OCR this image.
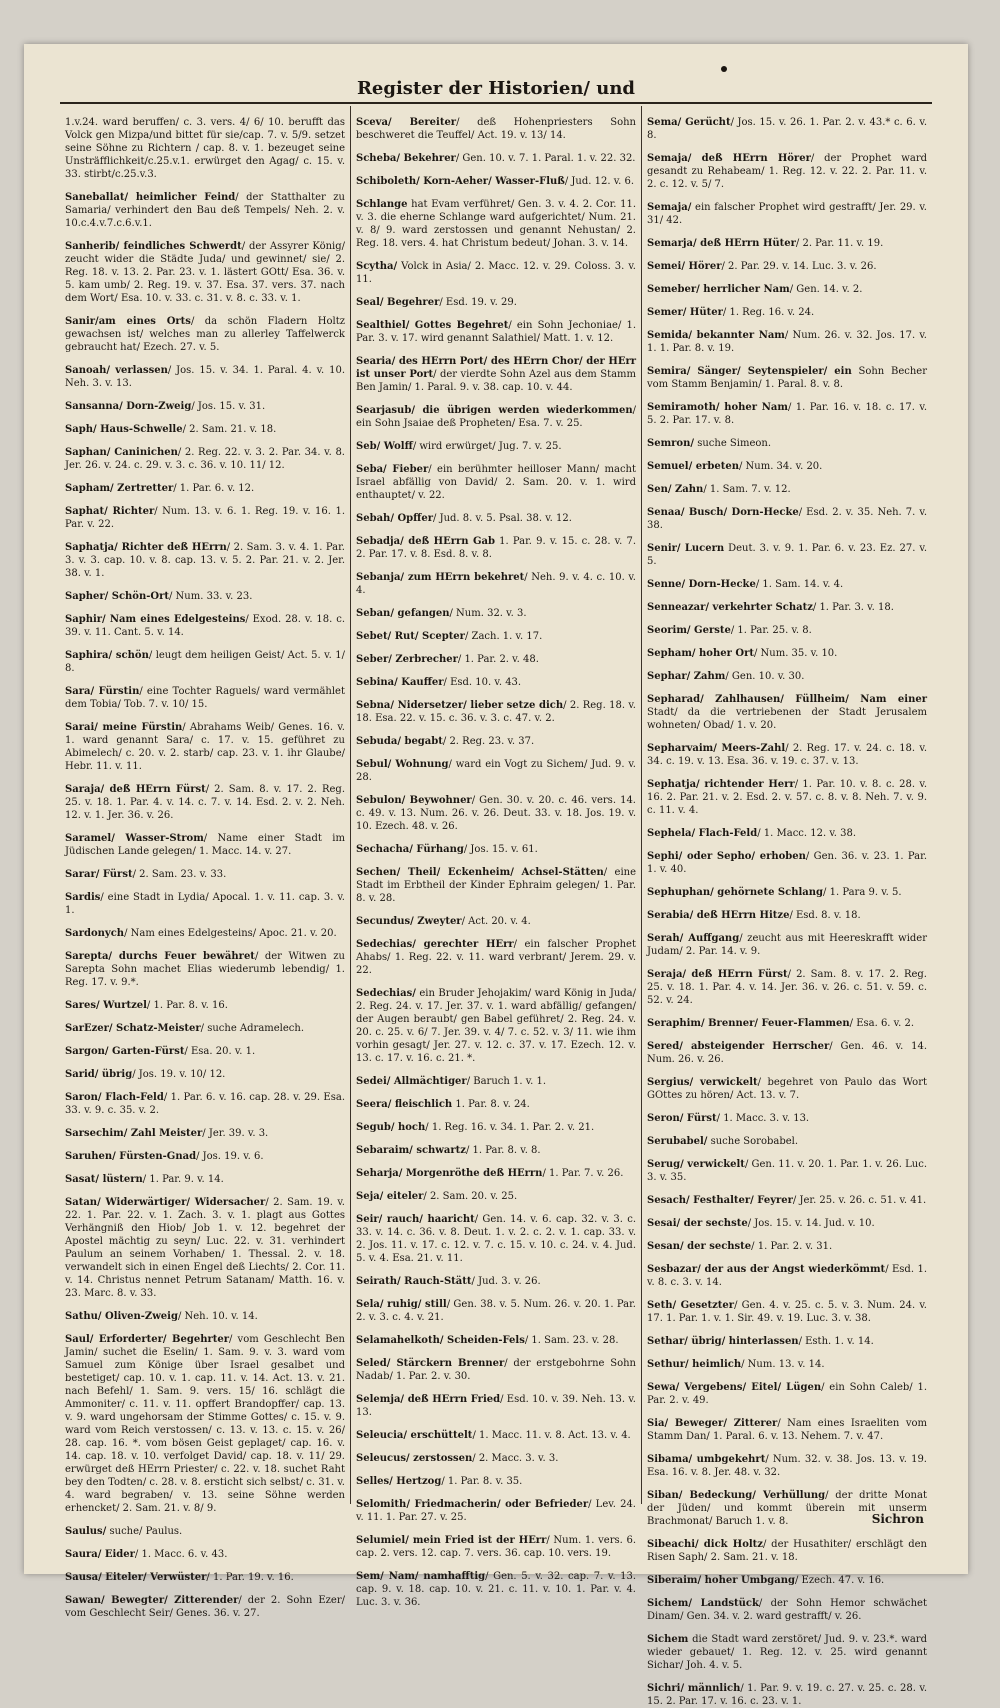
Register der Historien/ und

1.v.24. ward beruffen/ c. 3. vers. 4/ 6/ 10. berufft das Volck gen Mizpa/und bittet für sie/cap. 7. v. 5/9. setzet seine Söhne zu Richtern / cap. 8. v. 1. bezeuget seine Unsträfflichkeit/c.25.v.1. erwürget den Agag/ c. 15. v. 33. stirbt/c.25.v.3.

Saneballat/ heimlicher Feind/ der Statthalter zu Samaria/ verhindert den Bau deß Tempels/ Neh. 2. v. 10.c.4.v.7.c.6.v.1.

Sanherib/ feindliches Schwerdt/ der Assyrer König/ zeucht wider die Städte Juda/ und gewinnet/ sie/ 2. Reg. 18. v. 13. 2. Par. 23. v. 1. lästert GOtt/ Esa. 36. v. 5. kam umb/ 2. Reg. 19. v. 37. Esa. 37. vers. 37. nach dem Wort/ Esa. 10. v. 33. c. 31. v. 8. c. 33. v. 1.

Sanir/am eines Orts/ da schön Fladern Holtz gewachsen ist/ welches man zu allerley Taffelwerck gebraucht hat/ Ezech. 27. v. 5.

Sanoah/ verlassen/ Jos. 15. v. 34. 1. Paral. 4. v. 10. Neh. 3. v. 13.

Sansanna/ Dorn-Zweig/ Jos. 15. v. 31.

Saph/ Haus-Schwelle/ 2. Sam. 21. v. 18.

Saphan/ Caninichen/ 2. Reg. 22. v. 3. 2. Par. 34. v. 8. Jer. 26. v. 24. c. 29. v. 3. c. 36. v. 10. 11/ 12.

Sapham/ Zertretter/ 1. Par. 6. v. 12.

Saphat/ Richter/ Num. 13. v. 6. 1. Reg. 19. v. 16. 1. Par. v. 22.

Saphatja/ Richter deß HErrn/ 2. Sam. 3. v. 4. 1. Par. 3. v. 3. cap. 10. v. 8. cap. 13. v. 5. 2. Par. 21. v. 2. Jer. 38. v. 1.

Sapher/ Schön-Ort/ Num. 33. v. 23.

Saphir/ Nam eines Edelgesteins/ Exod. 28. v. 18. c. 39. v. 11. Cant. 5. v. 14.

Saphira/ schön/ leugt dem heiligen Geist/ Act. 5. v. 1/ 8.

Sara/ Fürstin/ eine Tochter Raguels/ ward vermählet dem Tobia/ Tob. 7. v. 10/ 15.

Sarai/ meine Fürstin/ Abrahams Weib/ Genes. 16. v. 1. ward genannt Sara/ c. 17. v. 15. geführet zu Abimelech/ c. 20. v. 2. starb/ cap. 23. v. 1. ihr Glaube/ Hebr. 11. v. 11.

Saraja/ deß HErrn Fürst/ 2. Sam. 8. v. 17. 2. Reg. 25. v. 18. 1. Par. 4. v. 14. c. 7. v. 14. Esd. 2. v. 2. Neh. 12. v. 1. Jer. 36. v. 26.

Saramel/ Wasser-Strom/ Name einer Stadt im Jüdischen Lande gelegen/ 1. Macc. 14. v. 27.

Sarar/ Fürst/ 2. Sam. 23. v. 33.

Sardis/ eine Stadt in Lydia/ Apocal. 1. v. 11. cap. 3. v. 1.

Sardonych/ Nam eines Edelgesteins/ Apoc. 21. v. 20.

Sarepta/ durchs Feuer bewähret/ der Witwen zu Sarepta Sohn machet Elias wiederumb lebendig/ 1. Reg. 17. v. 9.*.

Sares/ Wurtzel/ 1. Par. 8. v. 16.

SarEzer/ Schatz-Meister/ suche Adramelech.

Sargon/ Garten-Fürst/ Esa. 20. v. 1.

Sarid/ übrig/ Jos. 19. v. 10/ 12.

Saron/ Flach-Feld/ 1. Par. 6. v. 16. cap. 28. v. 29. Esa. 33. v. 9. c. 35. v. 2.

Sarsechim/ Zahl Meister/ Jer. 39. v. 3.

Saruhen/ Fürsten-Gnad/ Jos. 19. v. 6.

Sasat/ lüstern/ 1. Par. 9. v. 14.

Satan/ Widerwärtiger/ Widersacher/ 2. Sam. 19. v. 22. 1. Par. 22. v. 1. Zach. 3. v. 1. plagt aus Gottes Verhängniß den Hiob/ Job 1. v. 12. begehret der Apostel mächtig zu seyn/ Luc. 22. v. 31. verhindert Paulum an seinem Vorhaben/ 1. Thessal. 2. v. 18. verwandelt sich in einen Engel deß Liechts/ 2. Cor. 11. v. 14. Christus nennet Petrum Satanam/ Matth. 16. v. 23. Marc. 8. v. 33.

Sathu/ Oliven-Zweig/ Neh. 10. v. 14.

Saul/ Erforderter/ Begehrter/ vom Geschlecht Ben Jamin/ suchet die Eselin/ 1. Sam. 9. v. 3. ward vom Samuel zum Könige über Israel gesalbet und bestetiget/ cap. 10. v. 1. cap. 11. v. 14. Act. 13. v. 21. nach Befehl/ 1. Sam. 9. vers. 15/ 16. schlägt die Ammoniter/ c. 11. v. 11. opffert Brandopffer/ cap. 13. v. 9. ward ungehorsam der Stimme Gottes/ c. 15. v. 9. ward vom Reich verstossen/ c. 13. v. 13. c. 15. v. 26/ 28. cap. 16. *. vom bösen Geist geplaget/ cap. 16. v. 14. cap. 18. v. 10. verfolget David/ cap. 18. v. 11/ 29. erwürget deß HErrn Priester/ c. 22. v. 18. suchet Raht bey den Todten/ c. 28. v. 8. ersticht sich selbst/ c. 31. v. 4. ward begraben/ v. 13. seine Söhne werden erhencket/ 2. Sam. 21. v. 8/ 9.

Saulus/ suche/ Paulus.

Saura/ Eider/ 1. Macc. 6. v. 43.

Sausa/ Eiteler/ Verwüster/ 1. Par. 19. v. 16.

Sawan/ Bewegter/ Zitterender/ der 2. Sohn Ezer/ vom Geschlecht Seir/ Genes. 36. v. 27.

Sceva/ Bereiter/ deß Hohenpriesters Sohn beschweret die Teuffel/ Act. 19. v. 13/ 14.

Scheba/ Bekehrer/ Gen. 10. v. 7. 1. Paral. 1. v. 22. 32.

Schiboleth/ Korn-Aeher/ Wasser-Fluß/ Jud. 12. v. 6.

Schlange hat Evam verführet/ Gen. 3. v. 4. 2. Cor. 11. v. 3. die eherne Schlange ward aufgerichtet/ Num. 21. v. 8/ 9. ward zerstossen und genannt Nehustan/ 2. Reg. 18. vers. 4. hat Christum bedeut/ Johan. 3. v. 14.

Scytha/ Volck in Asia/ 2. Macc. 12. v. 29. Coloss. 3. v. 11.

Seal/ Begehrer/ Esd. 19. v. 29.

Sealthiel/ Gottes Begehret/ ein Sohn Jechoniae/ 1. Par. 3. v. 17. wird genannt Salathiel/ Matt. 1. v. 12.

Searia/ des HErrn Port/ des HErrn Chor/ der HErr ist unser Port/ der vierdte Sohn Azel aus dem Stamm Ben Jamin/ 1. Paral. 9. v. 38. cap. 10. v. 44.

Searjasub/ die übrigen werden wiederkommen/ ein Sohn Jsaiae deß Propheten/ Esa. 7. v. 25.

Seb/ Wolff/ wird erwürget/ Jug. 7. v. 25.

Seba/ Fieber/ ein berühmter heilloser Mann/ macht Israel abfällig von David/ 2. Sam. 20. v. 1. wird enthauptet/ v. 22.

Sebah/ Opffer/ Jud. 8. v. 5. Psal. 38. v. 12.

Sebadja/ deß HErrn Gab 1. Par. 9. v. 15. c. 28. v. 7. 2. Par. 17. v. 8. Esd. 8. v. 8.

Sebanja/ zum HErrn bekehret/ Neh. 9. v. 4. c. 10. v. 4.

Seban/ gefangen/ Num. 32. v. 3.

Sebet/ Rut/ Scepter/ Zach. 1. v. 17.

Seber/ Zerbrecher/ 1. Par. 2. v. 48.

Sebina/ Kauffer/ Esd. 10. v. 43.

Sebna/ Nidersetzer/ lieber setze dich/ 2. Reg. 18. v. 18. Esa. 22. v. 15. c. 36. v. 3. c. 47. v. 2.

Sebuda/ begabt/ 2. Reg. 23. v. 37.

Sebul/ Wohnung/ ward ein Vogt zu Sichem/ Jud. 9. v. 28.

Sebulon/ Beywohner/ Gen. 30. v. 20. c. 46. vers. 14. c. 49. v. 13. Num. 26. v. 26. Deut. 33. v. 18. Jos. 19. v. 10. Ezech. 48. v. 26.

Sechacha/ Fürhang/ Jos. 15. v. 61.

Sechen/ Theil/ Eckenheim/ Achsel-Stätten/ eine Stadt im Erbtheil der Kinder Ephraim gelegen/ 1. Par. 8. v. 28.

Secundus/ Zweyter/ Act. 20. v. 4.

Sedechias/ gerechter HErr/ ein falscher Prophet Ahabs/ 1. Reg. 22. v. 11. ward verbrant/ Jerem. 29. v. 22.

Sedechias/ ein Bruder Jehojakim/ ward König in Juda/ 2. Reg. 24. v. 17. Jer. 37. v. 1. ward abfällig/ gefangen/ der Augen beraubt/ gen Babel geführet/ 2. Reg. 24. v. 20. c. 25. v. 6/ 7. Jer. 39. v. 4/ 7. c. 52. v. 3/ 11. wie ihm vorhin gesagt/ Jer. 27. v. 12. c. 37. v. 17. Ezech. 12. v. 13. c. 17. v. 16. c. 21. *.

Sedei/ Allmächtiger/ Baruch 1. v. 1.

Seera/ fleischlich 1. Par. 8. v. 24.

Segub/ hoch/ 1. Reg. 16. v. 34. 1. Par. 2. v. 21.

Sebaraim/ schwartz/ 1. Par. 8. v. 8.

Seharja/ Morgenröthe deß HErrn/ 1. Par. 7. v. 26.

Seja/ eiteler/ 2. Sam. 20. v. 25.

Seir/ rauch/ haaricht/ Gen. 14. v. 6. cap. 32. v. 3. c. 33. v. 14. c. 36. v. 8. Deut. 1. v. 2. c. 2. v. 1. cap. 33. v. 2. Jos. 11. v. 17. c. 12. v. 7. c. 15. v. 10. c. 24. v. 4. Jud. 5. v. 4. Esa. 21. v. 11.

Seirath/ Rauch-Stätt/ Jud. 3. v. 26.

Sela/ ruhig/ still/ Gen. 38. v. 5. Num. 26. v. 20. 1. Par. 2. v. 3. c. 4. v. 21.

Selamahelkoth/ Scheiden-Fels/ 1. Sam. 23. v. 28.

Seled/ Stärckern Brenner/ der erstgebohrne Sohn Nadab/ 1. Par. 2. v. 30.

Selemja/ deß HErrn Fried/ Esd. 10. v. 39. Neh. 13. v. 13.

Seleucia/ erschüttelt/ 1. Macc. 11. v. 8. Act. 13. v. 4.

Seleucus/ zerstossen/ 2. Macc. 3. v. 3.

Selles/ Hertzog/ 1. Par. 8. v. 35.

Selomith/ Friedmacherin/ oder Befrieder/ Lev. 24. v. 11. 1. Par. 27. v. 25.

Selumiel/ mein Fried ist der HErr/ Num. 1. vers. 6. cap. 2. vers. 12. cap. 7. vers. 36. cap. 10. vers. 19.

Sem/ Nam/ namhafftig/ Gen. 5. v. 32. cap. 7. v. 13. cap. 9. v. 18. cap. 10. v. 21. c. 11. v. 10. 1. Par. v. 4. Luc. 3. v. 36.

Sema/ Gerücht/ Jos. 15. v. 26. 1. Par. 2. v. 43.* c. 6. v. 8.

Semaja/ deß HErrn Hörer/ der Prophet ward gesandt zu Rehabeam/ 1. Reg. 12. v. 22. 2. Par. 11. v. 2. c. 12. v. 5/ 7.

Semaja/ ein falscher Prophet wird gestrafft/ Jer. 29. v. 31/ 42.

Semarja/ deß HErrn Hüter/ 2. Par. 11. v. 19.

Semei/ Hörer/ 2. Par. 29. v. 14. Luc. 3. v. 26.

Semeber/ herrlicher Nam/ Gen. 14. v. 2.

Semer/ Hüter/ 1. Reg. 16. v. 24.

Semida/ bekannter Nam/ Num. 26. v. 32. Jos. 17. v. 1. 1. Par. 8. v. 19.

Semira/ Sänger/ Seytenspieler/ ein Sohn Becher vom Stamm Benjamin/ 1. Paral. 8. v. 8.

Semiramoth/ hoher Nam/ 1. Par. 16. v. 18. c. 17. v. 5. 2. Par. 17. v. 8.

Semron/ suche Simeon.

Semuel/ erbeten/ Num. 34. v. 20.

Sen/ Zahn/ 1. Sam. 7. v. 12.

Senaa/ Busch/ Dorn-Hecke/ Esd. 2. v. 35. Neh. 7. v. 38.

Senir/ Lucern Deut. 3. v. 9. 1. Par. 6. v. 23. Ez. 27. v. 5.

Senne/ Dorn-Hecke/ 1. Sam. 14. v. 4.

Senneazar/ verkehrter Schatz/ 1. Par. 3. v. 18.

Seorim/ Gerste/ 1. Par. 25. v. 8.

Sepham/ hoher Ort/ Num. 35. v. 10.

Sephar/ Zahm/ Gen. 10. v. 30.

Sepharad/ Zahlhausen/ Füllheim/ Nam einer Stadt/ da die vertriebenen der Stadt Jerusalem wohneten/ Obad/ 1. v. 20.

Sepharvaim/ Meers-Zahl/ 2. Reg. 17. v. 24. c. 18. v. 34. c. 19. v. 13. Esa. 36. v. 19. c. 37. v. 13.

Sephatja/ richtender Herr/ 1. Par. 10. v. 8. c. 28. v. 16. 2. Par. 21. v. 2. Esd. 2. v. 57. c. 8. v. 8. Neh. 7. v. 9. c. 11. v. 4.

Sephela/ Flach-Feld/ 1. Macc. 12. v. 38.

Sephi/ oder Sepho/ erhoben/ Gen. 36. v. 23. 1. Par. 1. v. 40.

Sephuphan/ gehörnete Schlang/ 1. Para 9. v. 5.

Serabia/ deß HErrn Hitze/ Esd. 8. v. 18.

Serah/ Auffgang/ zeucht aus mit Heereskrafft wider Judam/ 2. Par. 14. v. 9.

Seraja/ deß HErrn Fürst/ 2. Sam. 8. v. 17. 2. Reg. 25. v. 18. 1. Par. 4. v. 14. Jer. 36. v. 26. c. 51. v. 59. c. 52. v. 24.

Seraphim/ Brenner/ Feuer-Flammen/ Esa. 6. v. 2.

Sered/ absteigender Herrscher/ Gen. 46. v. 14. Num. 26. v. 26.

Sergius/ verwickelt/ begehret von Paulo das Wort GOttes zu hören/ Act. 13. v. 7.

Seron/ Fürst/ 1. Macc. 3. v. 13.

Serubabel/ suche Sorobabel.

Serug/ verwickelt/ Gen. 11. v. 20. 1. Par. 1. v. 26. Luc. 3. v. 35.

Sesach/ Festhalter/ Feyrer/ Jer. 25. v. 26. c. 51. v. 41.

Sesai/ der sechste/ Jos. 15. v. 14. Jud. v. 10.

Sesan/ der sechste/ 1. Par. 2. v. 31.

Sesbazar/ der aus der Angst wiederkömmt/ Esd. 1. v. 8. c. 3. v. 14.

Seth/ Gesetzter/ Gen. 4. v. 25. c. 5. v. 3. Num. 24. v. 17. 1. Par. 1. v. 1. Sir. 49. v. 19. Luc. 3. v. 38.

Sethar/ übrig/ hinterlassen/ Esth. 1. v. 14.

Sethur/ heimlich/ Num. 13. v. 14.

Sewa/ Vergebens/ Eitel/ Lügen/ ein Sohn Caleb/ 1. Par. 2. v. 49.

Sia/ Beweger/ Zitterer/ Nam eines Israeliten vom Stamm Dan/ 1. Paral. 6. v. 13. Nehem. 7. v. 47.

Sibama/ umbgekehrt/ Num. 32. v. 38. Jos. 13. v. 19. Esa. 16. v. 8. Jer. 48. v. 32.

Siban/ Bedeckung/ Verhüllung/ der dritte Monat der Jüden/ und kommt überein mit unserm Brachmonat/ Baruch 1. v. 8.

Sibeachi/ dick Holtz/ der Husathiter/ erschlägt den Risen Saph/ 2. Sam. 21. v. 18.

Siberaim/ hoher Umbgang/ Ezech. 47. v. 16.

Sichem/ Landstück/ der Sohn Hemor schwächet Dinam/ Gen. 34. v. 2. ward gestrafft/ v. 26.

Sichem die Stadt ward zerstöret/ Jud. 9. v. 23.*. ward wieder gebauet/ 1. Reg. 12. v. 25. wird genannt Sichar/ Joh. 4. v. 5.

Sichri/ männlich/ 1. Par. 9. v. 19. c. 27. v. 25. c. 28. v. 15. 2. Par. 17. v. 16. c. 23. v. 1.

Sichron
